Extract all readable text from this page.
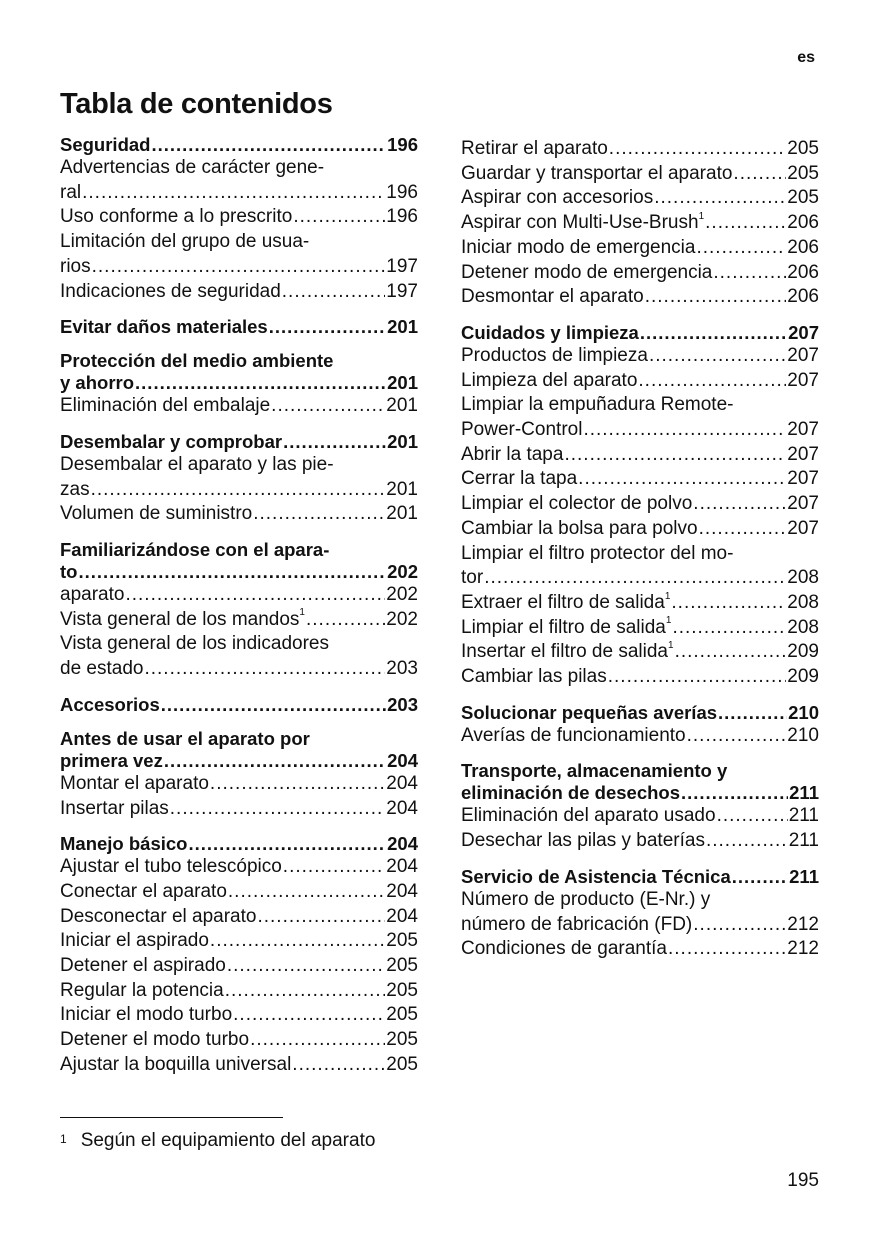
es
Tabla de contenidos
Seguridad .....	196
Advertencias de carácter gene-
ral .....	196
Uso conforme a lo prescrito .....	196
Limitación del grupo de usua-
rios .....	197
Indicaciones de seguridad .....	197
Evitar daños materiales .....	201
Protección del medio ambiente
y ahorro .....	201
Eliminación del embalaje .....	201
Desembalar y comprobar .....	201
Desembalar el aparato y las pie-
zas .....	201
Volumen de suministro .....	201
Familiarizándose con el apara-
to .....	202
aparato .....	202
Vista general de los mandos$^1$ .....	202
Vista general de los indicadores
de estado .....	203
Accesorios .....	203
Antes de usar el aparato por
primera vez .....	204
Montar el aparato .....	204
Insertar pilas .....	204
Manejo básico .....	204
Ajustar el tubo telescópico .....	204
Conectar el aparato .....	204
Desconectar el aparato .....	204
Iniciar el aspirado .....	205
Detener el aspirado .....	205
Regular la potencia .....	205
Iniciar el modo turbo .....	205
Detener el modo turbo .....	205
Ajustar la boquilla universal .....	205
Retirar el aparato .....	205
Guardar y transportar el aparato .....	205
Aspirar con accesorios .....	205
Aspirar con Multi-Use-Brush$^1$ .....	206
Iniciar modo de emergencia .....	206
Detener modo de emergencia .....	206
Desmontar el aparato .....	206
Cuidados y limpieza .....	207
Productos de limpieza .....	207
Limpieza del aparato .....	207
Limpiar la empuñadura Remote-
Power-Control .....	207
Abrir la tapa .....	207
Cerrar la tapa .....	207
Limpiar el colector de polvo .....	207
Cambiar la bolsa para polvo .....	207
Limpiar el filtro protector del mo-
tor .....	208
Extraer el filtro de salida$^1$ .....	208
Limpiar el filtro de salida$^1$ .....	208
Insertar el filtro de salida$^1$ .....	209
Cambiar las pilas .....	209
Solucionar pequeñas averías .....	210
Averías de funcionamiento .....	210
Transporte, almacenamiento y
eliminación de desechos .....	211
Eliminación del aparato usado .....	211
Desechar las pilas y baterías .....	211
Servicio de Asistencia Técnica .....	211
Número de producto (E-Nr.) y
número de fabricación (FD) .....	212
Condiciones de garantía .....	212
$^1$ Según el equipamiento del aparato
195
